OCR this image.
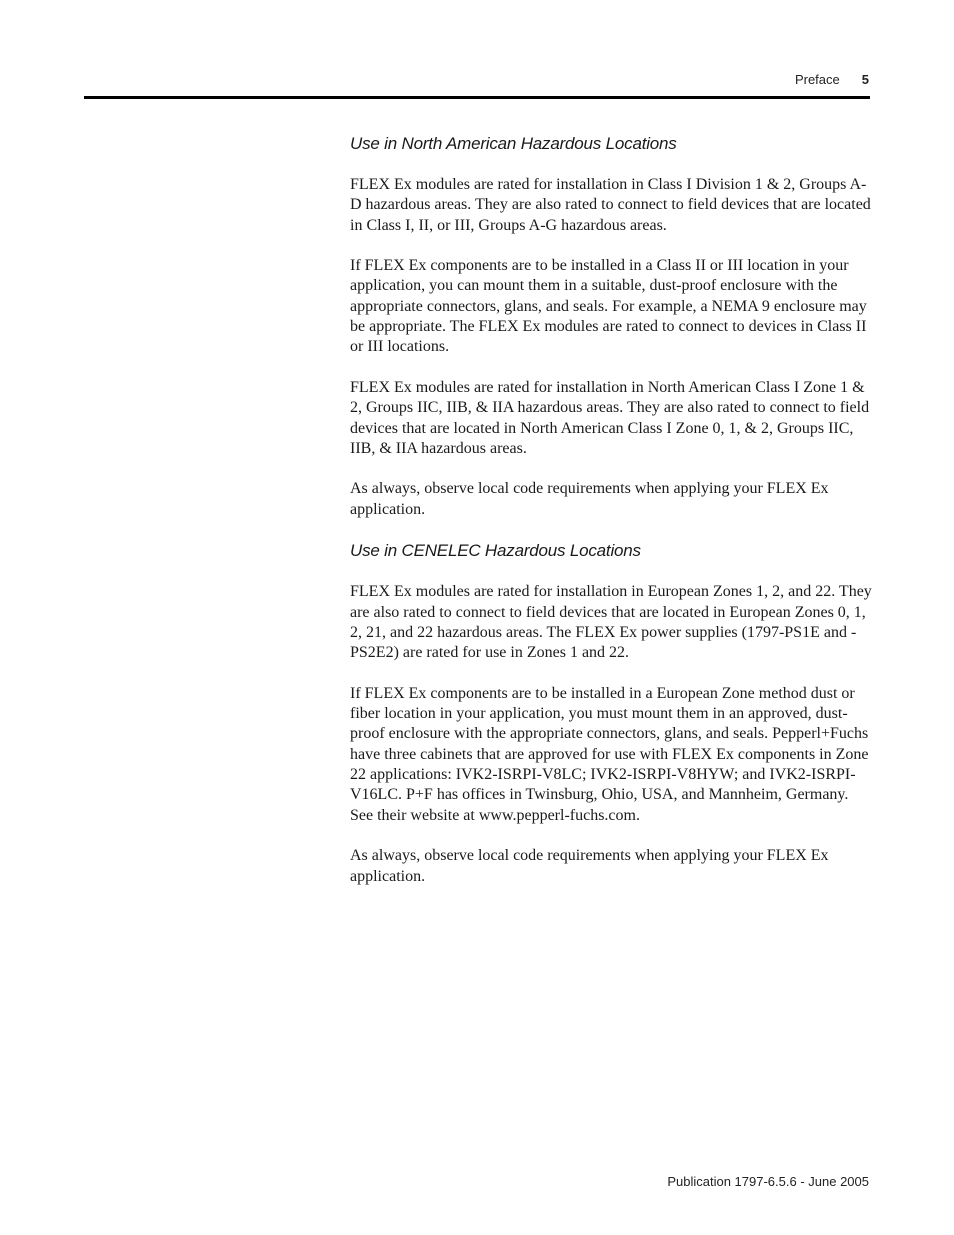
Preface 5
Use in North American Hazardous Locations

FLEX Ex modules are rated for installation in Class I Division 1 & 2, Groups A-D hazardous areas. They are also rated to connect to field devices that are located in Class I, II, or III, Groups A-G hazardous areas.

If FLEX Ex components are to be installed in a Class II or III location in your application, you can mount them in a suitable, dust-proof enclosure with the appropriate connectors, glans, and seals. For example, a NEMA 9 enclosure may be appropriate. The FLEX Ex modules are rated to connect to devices in Class II or III locations.

FLEX Ex modules are rated for installation in North American Class I Zone 1 & 2, Groups IIC, IIB, & IIA hazardous areas. They are also rated to connect to field devices that are located in North American Class I Zone 0, 1, & 2, Groups IIC, IIB, & IIA hazardous areas.

As always, observe local code requirements when applying your FLEX Ex application.

Use in CENELEC Hazardous Locations

FLEX Ex modules are rated for installation in European Zones 1, 2, and 22. They are also rated to connect to field devices that are located in European Zones 0, 1, 2, 21, and 22 hazardous areas. The FLEX Ex power supplies (1797-PS1E and -PS2E2) are rated for use in Zones 1 and 22.

If FLEX Ex components are to be installed in a European Zone method dust or fiber location in your application, you must mount them in an approved, dust-proof enclosure with the appropriate connectors, glans, and seals. Pepperl+Fuchs have three cabinets that are approved for use with FLEX Ex components in Zone 22 applications: IVK2-ISRPI-V8LC; IVK2-ISRPI-V8HYW; and IVK2-ISRPI-V16LC. P+F has offices in Twinsburg, Ohio, USA, and Mannheim, Germany. See their website at www.pepperl-fuchs.com.

As always, observe local code requirements when applying your FLEX Ex application.

Publication 1797-6.5.6 - June 2005
